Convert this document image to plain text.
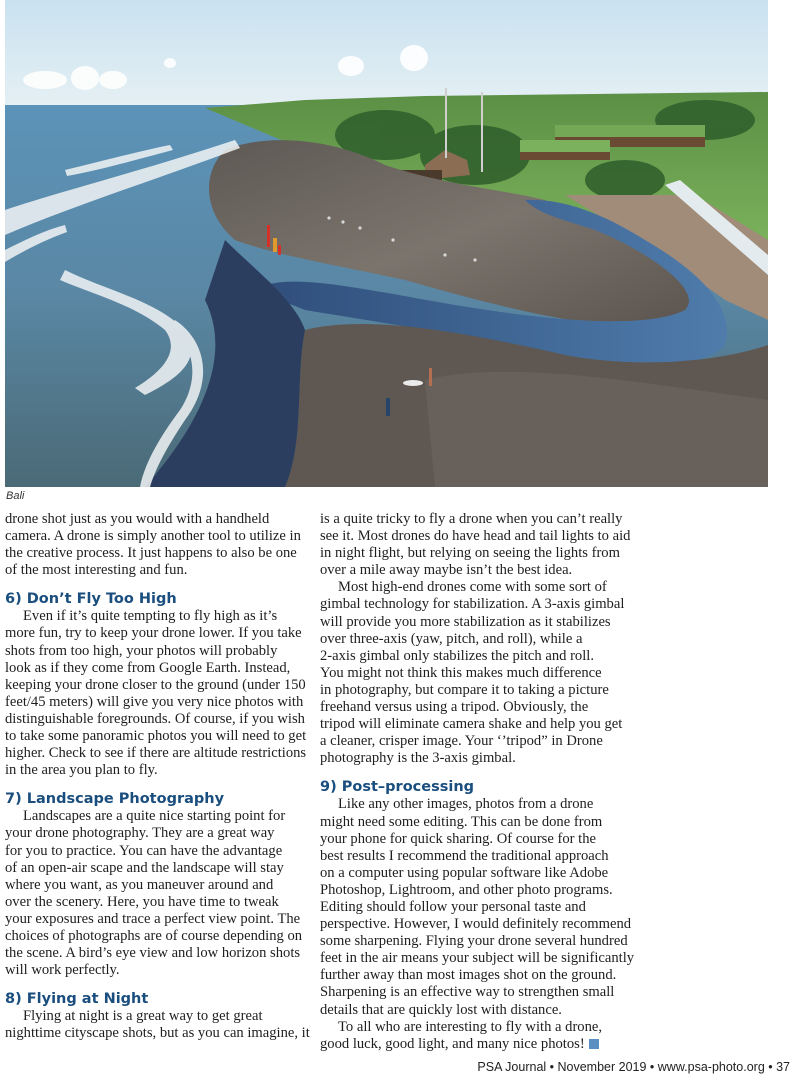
Bali

drone shot just as you would with a handheld
camera. A drone is simply another tool to utilize in
the creative process. It just happens to also be one
of the most interesting and fun.

6) Don’t Fly Too High

Even if it’s quite tempting to fly high as it’s
more fun, try to keep your drone lower. If you take
shots from too high, your photos will probably
look as if they come from Google Earth. Instead,
keeping your drone closer to the ground (under 150
feet/45 meters) will give you very nice photos with
distinguishable foregrounds. Of course, if you wish
to take some panoramic photos you will need to get
higher. Check to see if there are altitude restrictions
in the area you plan to fly.

7) Landscape Photography

Landscapes are a quite nice starting point for
your drone photography. They are a great way
for you to practice. You can have the advantage
of an open-air scape and the landscape will stay
where you want, as you maneuver around and
over the scenery. Here, you have time to tweak
your exposures and trace a perfect view point. The
choices of photographs are of course depending on
the scene. A bird’s eye view and low horizon shots
will work perfectly.

8) Flying at Night

Flying at night is a great way to get great
nighttime cityscape shots, but as you can imagine, it

is a quite tricky to fly a drone when you can’t really
see it. Most drones do have head and tail lights to aid
in night flight, but relying on seeing the lights from
over a mile away maybe isn’t the best idea.

Most high-end drones come with some sort of
gimbal technology for stabilization. A 3-axis gimbal
will provide you more stabilization as it stabilizes
over three-axis (yaw, pitch, and roll), while a
2-axis gimbal only stabilizes the pitch and roll.
You might not think this makes much difference
in photography, but compare it to taking a picture
freehand versus using a tripod. Obviously, the
tripod will eliminate camera shake and help you get
a cleaner, crisper image. Your ‘’tripod” in Drone
photography is the 3-axis gimbal.

9) Post–processing

Like any other images, photos from a drone
might need some editing. This can be done from
your phone for quick sharing. Of course for the
best results I recommend the traditional approach
on a computer using popular software like Adobe
Photoshop, Lightroom, and other photo programs.
Editing should follow your personal taste and
perspective. However, I would definitely recommend
some sharpening. Flying your drone several hundred
feet in the air means your subject will be significantly
further away than most images shot on the ground.
Sharpening is an effective way to strengthen small
details that are quickly lost with distance.

To all who are interesting to fly with a drone,
good luck, good light, and many nice photos!

PSA Journal • November 2019 • www.psa-photo.org • 37
